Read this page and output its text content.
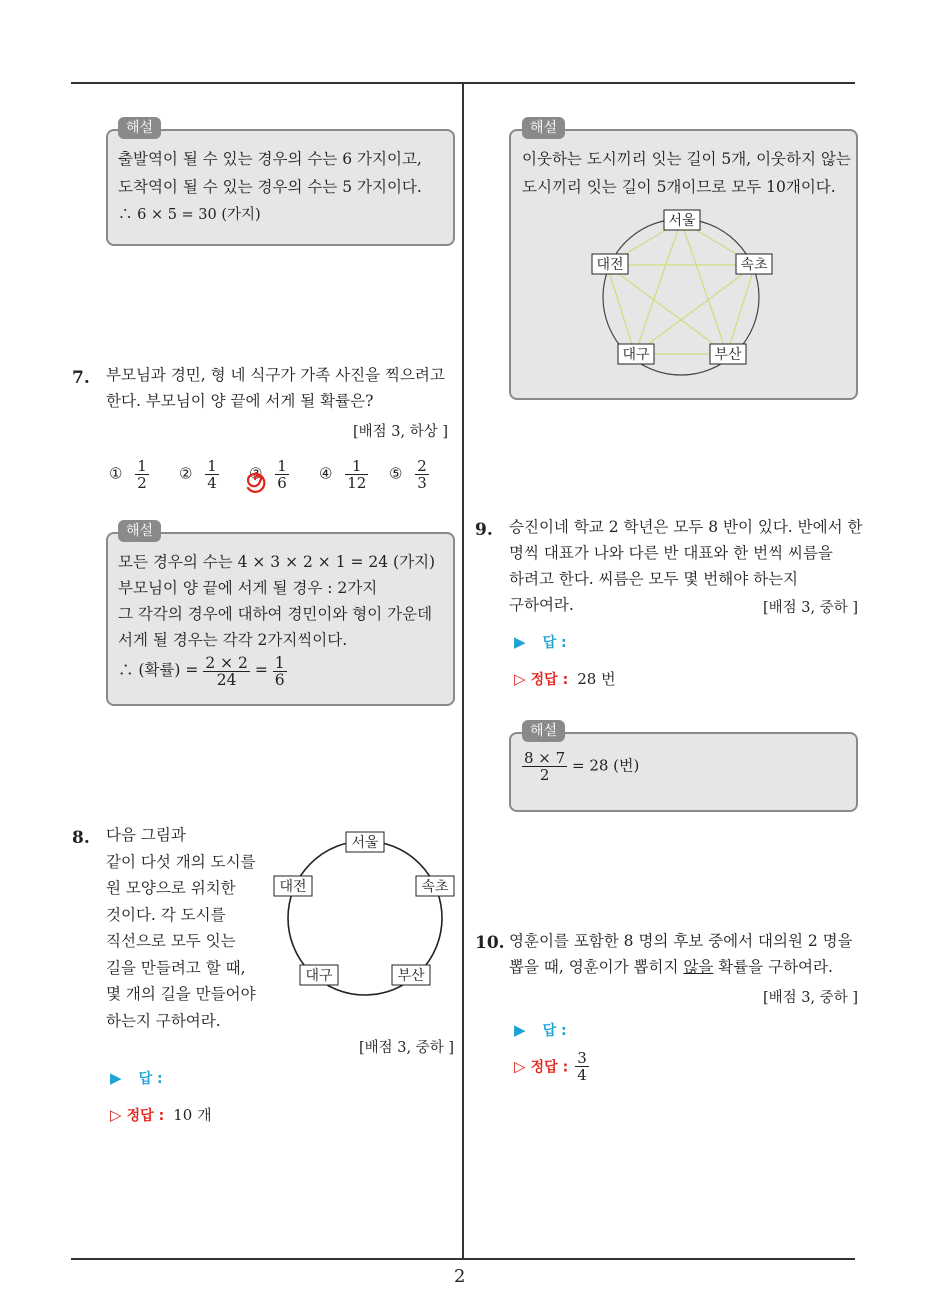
2
해설
출발역이 될 수 있는 경우의 수는 6 가지이고,
도착역이 될 수 있는 경우의 수는 5 가지이다.
∴ 6 × 5 = 30 (가지)
7. 부모님과 경민, 형 네 식구가 가족 사진을 찍으려고
한다. 부모님이 양 끝에 서게 될 확률은?
[배점 3, 하상 ]
① $\frac{1}{2}$ ② $\frac{1}{4}$ ③ $\frac{1}{6}$ ④ $\frac{1}{12}$ ⑤ $\frac{2}{3}$
해설
모든 경우의 수는 4 × 3 × 2 × 1 = 24 (가지)
부모님이 양 끝에 서게 될 경우 : 2가지
그 각각의 경우에 대하여 경민이와 형이 가운데
서게 될 경우는 각각 2가지씩이다.
∴ (확률) = $\frac{2 \times 2}{24} = \frac{1}{6}$
8. 다음 그림과
같이 다섯 개의 도시를
원 모양으로 위치한
것이다. 각 도시를
직선으로 모두 잇는
길을 만들려고 할 때,
몇 개의 길을 만들어야
하는지 구하여라.
[배점 3, 중하 ]
서울
대전	속초
대구	부산
▶ 답 :
▷ 정답 : 10 개
해설
이웃하는 도시끼리 잇는 길이 5개, 이웃하지 않는
도시끼리 잇는 길이 5개이므로 모두 10개이다.
서울
대전	속초
대구	부산
9. 승진이네 학교 2 학년은 모두 8 반이 있다. 반에서 한
명씩 대표가 나와 다른 반 대표와 한 번씩 씨름을
하려고 한다. 씨름은 모두 몇 번해야 하는지
구하여라.	[배점 3, 중하 ]
▶ 답 :
▷ 정답 : 28 번
해설
$\frac{8 \times 7}{2} = 28$ (번)
10. 영훈이를 포함한 8 명의 후보 중에서 대의원 2 명을
뽑을 때, 영훈이가 뽑히지 않을 확률을 구하여라.
[배점 3, 중하 ]
▶ 답 :
▷ 정답 : $\frac{3}{4}$
